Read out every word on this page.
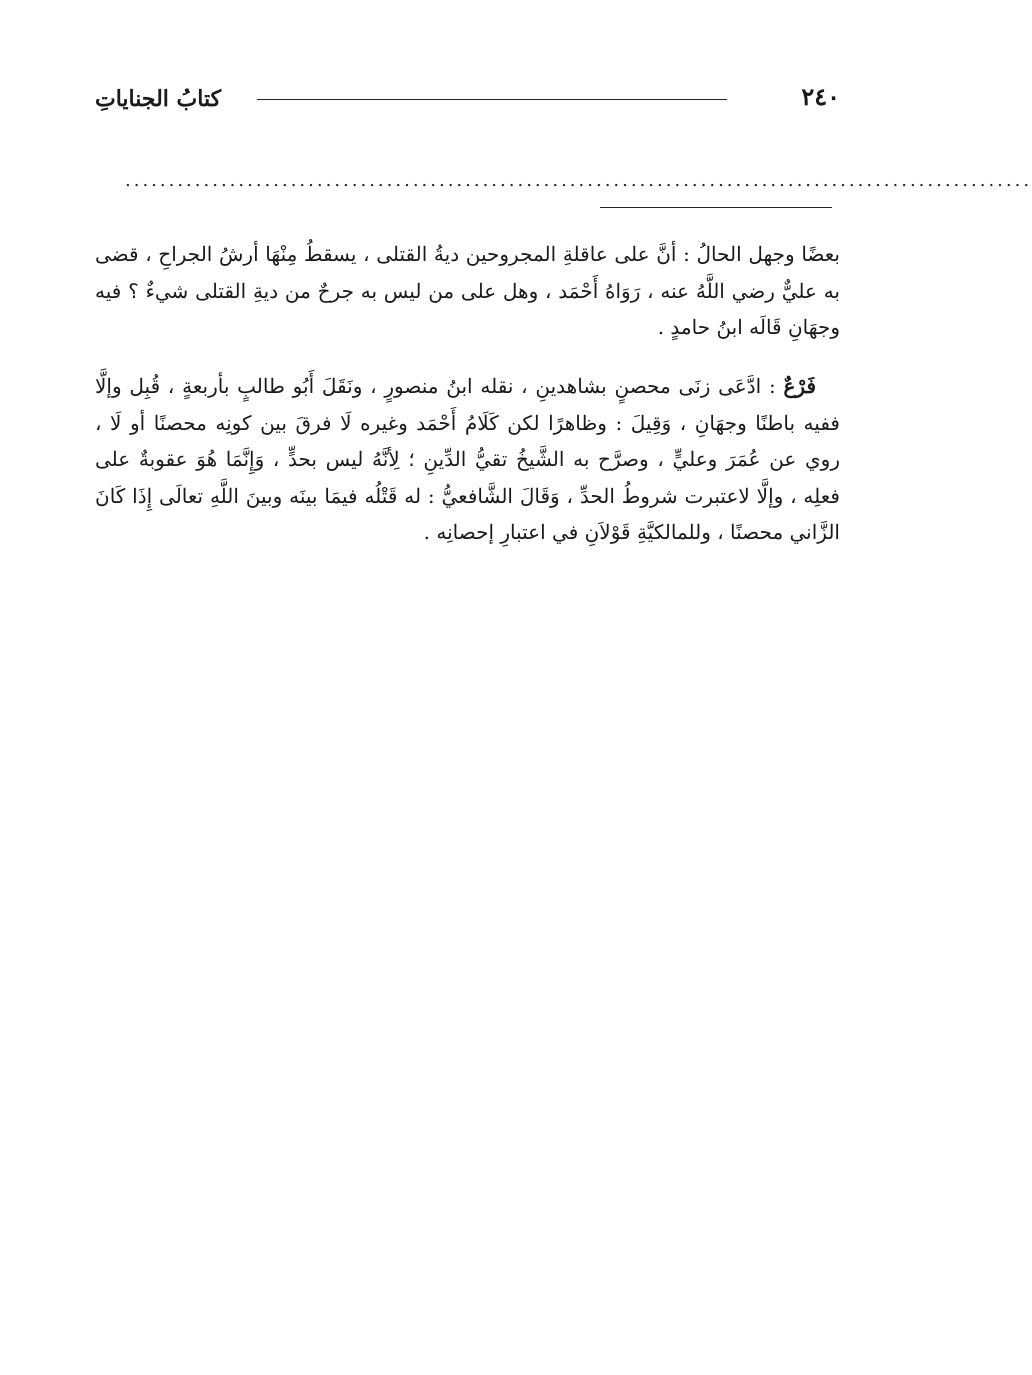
٢٤٠
كتابُ الجناياتِ
........................................................................................................

بعضًا وجهل الحالُ : أنَّ على عاقلةِ المجروحين ديةُ القتلى ، يسقطُ مِنْهَا أرشُ الجراحِ ، قضى به عليٌّ رضي اللَّهُ عنه ، رَوَاهُ أَحْمَد ، وهل على من ليس به جرحٌ من ديةِ القتلى شيءٌ ؟ فيه وجهَانِ قَالَه ابنُ حامدٍ .

فَرْعٌ : ادَّعَى زنَى محصنٍ بشاهدينِ ، نقله ابنُ منصورٍ ، ونَقَلَ أَبُو طالبٍ بأربعةٍ ، قُبِل وإلَّا ففيه باطنًا وجهَانِ ، وَقِيلَ : وظاهرًا لكن كَلَامُ أَحْمَد وغيره لَا فرقَ بين كونِه محصنًا أو لَا ، روي عن عُمَرَ وعليٍّ ، وصرَّح به الشَّيخُ تقيُّ الدِّينِ ؛ لِأنَّهُ ليس بحدٍّ ، وَإِنَّمَا هُوَ عقوبةٌ على فعلِه ، وإلَّا لاعتبرت شروطُ الحدِّ ، وَقَالَ الشَّافعيُّ : له قَتْلُه فيمَا بينَه وبينَ اللَّهِ تعالَى إِذَا كَانَ الزَّاني محصنًا ، وللمالكيَّةِ قَوْلاَنِ في اعتبارِ إحصانِه .
